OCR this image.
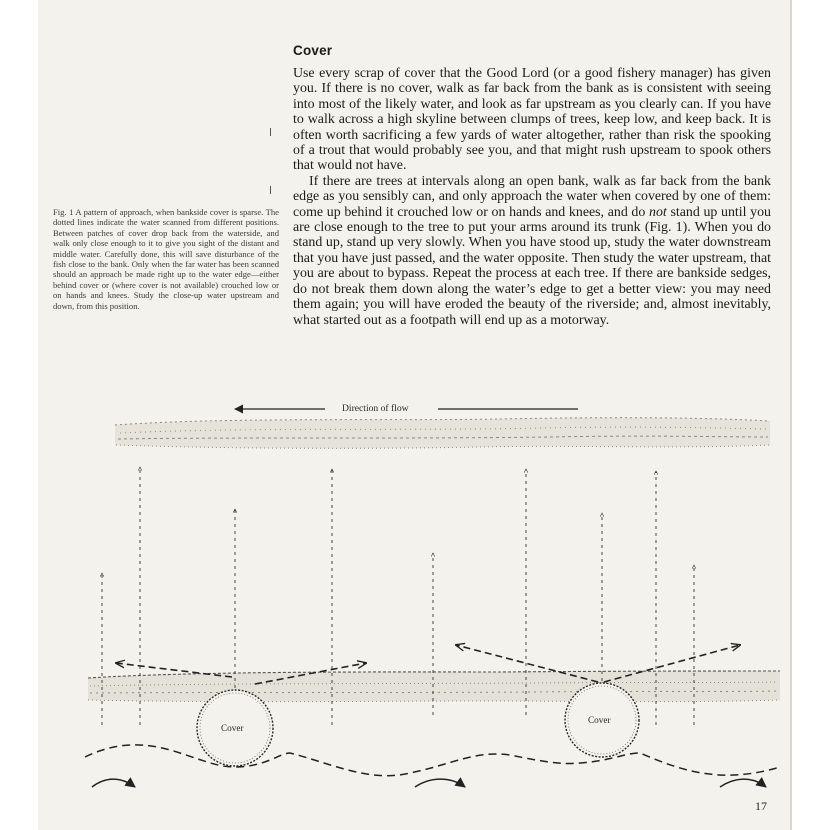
Cover

Use every scrap of cover that the Good Lord (or a good fishery manager) has given you. If there is no cover, walk as far back from the bank as is consistent with seeing into most of the likely water, and look as far upstream as you clearly can. If you have to walk across a high skyline between clumps of trees, keep low, and keep back. It is often worth sacrificing a few yards of water altogether, rather than risk the spooking of a trout that would probably see you, and that might rush upstream to spook others that would not have.

If there are trees at intervals along an open bank, walk as far back from the bank edge as you sensibly can, and only approach the water when covered by one of them: come up behind it crouched low or on hands and knees, and do not stand up until you are close enough to the tree to put your arms around its trunk (Fig. 1). When you do stand up, stand up very slowly. When you have stood up, study the water downstream that you have just passed, and the water opposite. Then study the water upstream, that you are about to bypass. Repeat the process at each tree. If there are bankside sedges, do not break them down along the water’s edge to get a better view: you may need them again; you will have eroded the beauty of the riverside; and, almost inevitably, what started out as a footpath will end up as a motorway.

Fig. 1 A pattern of approach, when bankside cover is sparse. The dotted lines indicate the water scanned from different positions. Between patches of cover drop back from the waterside, and walk only close enough to it to give you sight of the distant and middle water. Carefully done, this will save disturbance of the fish close to the bank. Only when the far water has been scanned should an approach be made right up to the water edge—either behind cover or (where cover is not available) crouched low or on hands and knees. Study the close-up water upstream and down, from this position.

Direction of flow
Cover
Cover
17
